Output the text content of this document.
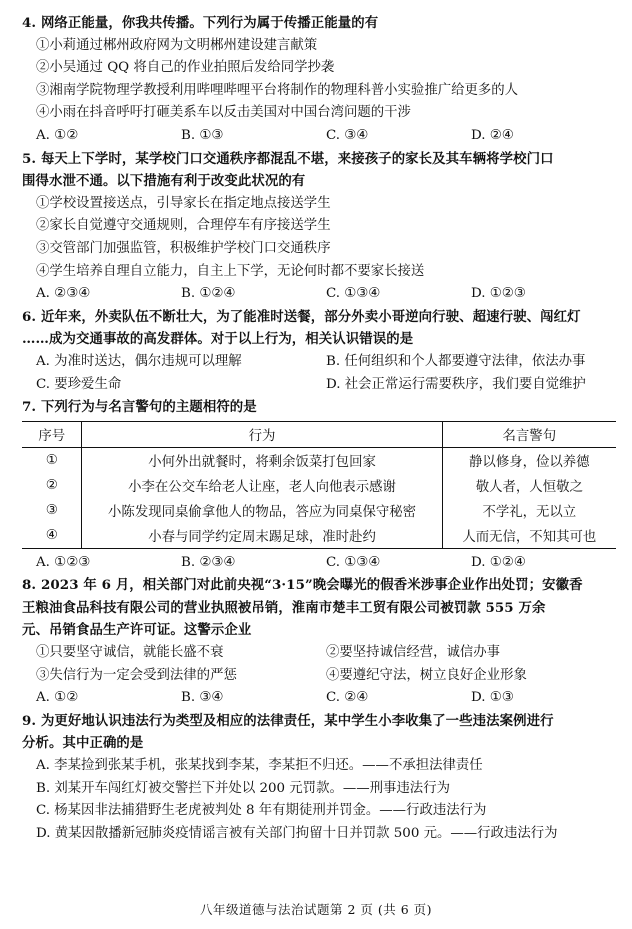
4. 网络正能量，你我共传播。下列行为属于传播正能量的有
①小莉通过郴州政府网为文明郴州建设建言献策
②小吴通过 QQ 将自己的作业拍照后发给同学抄袭
③湘南学院物理学教授利用哔哩哔哩平台将制作的物理科普小实验推广给更多的人
④小雨在抖音呼吁打砸美系车以反击美国对中国台湾问题的干涉
A. ①②	B. ①③	C. ③④	D. ②④
5. 每天上下学时，某学校门口交通秩序都混乱不堪，来接孩子的家长及其车辆将学校门口
围得水泄不通。以下措施有利于改变此状况的有
①学校设置接送点，引导家长在指定地点接送学生
②家长自觉遵守交通规则，合理停车有序接送学生
③交管部门加强监管，积极维护学校门口交通秩序
④学生培养自理自立能力，自主上下学，无论何时都不要家长接送
A. ②③④	B. ①②④	C. ①③④	D. ①②③
6. 近年来，外卖队伍不断壮大，为了能准时送餐，部分外卖小哥逆向行驶、超速行驶、闯红灯
……成为交通事故的高发群体。对于以上行为，相关认识错误的是
A. 为准时送达，偶尔违规可以理解	B. 任何组织和个人都要遵守法律，依法办事
C. 要珍爱生命	D. 社会正常运行需要秩序，我们要自觉维护
7. 下列行为与名言警句的主题相符的是
序号	行为	名言警句
①	小何外出就餐时，将剩余饭菜打包回家	静以修身，俭以养德
②	小李在公交车给老人让座，老人向他表示感谢	敬人者，人恒敬之
③	小陈发现同桌偷拿他人的物品，答应为同桌保守秘密	不学礼，无以立
④	小春与同学约定周末踢足球，准时赴约	人而无信，不知其可也
A. ①②③	B. ②③④	C. ①③④	D. ①②④
8. 2023 年 6 月，相关部门对此前央视“3·15”晚会曝光的假香米涉事企业作出处罚；安徽香
王粮油食品科技有限公司的营业执照被吊销，淮南市楚丰工贸有限公司被罚款 555 万余
元、吊销食品生产许可证。这警示企业
①只要坚守诚信，就能长盛不衰	②要坚持诚信经营，诚信办事
③失信行为一定会受到法律的严惩	④要遵纪守法，树立良好企业形象
A. ①②	B. ③④	C. ②④	D. ①③
9. 为更好地认识违法行为类型及相应的法律责任，某中学生小李收集了一些违法案例进行
分析。其中正确的是
A. 李某捡到张某手机，张某找到李某，李某拒不归还。——不承担法律责任
B. 刘某开车闯红灯被交警拦下并处以 200 元罚款。——刑事违法行为
C. 杨某因非法捕猎野生老虎被判处 8 年有期徒刑并罚金。——行政违法行为
D. 黄某因散播新冠肺炎疫情谣言被有关部门拘留十日并罚款 500 元。——行政违法行为
八年级道德与法治试题第 2 页 (共 6 页)
